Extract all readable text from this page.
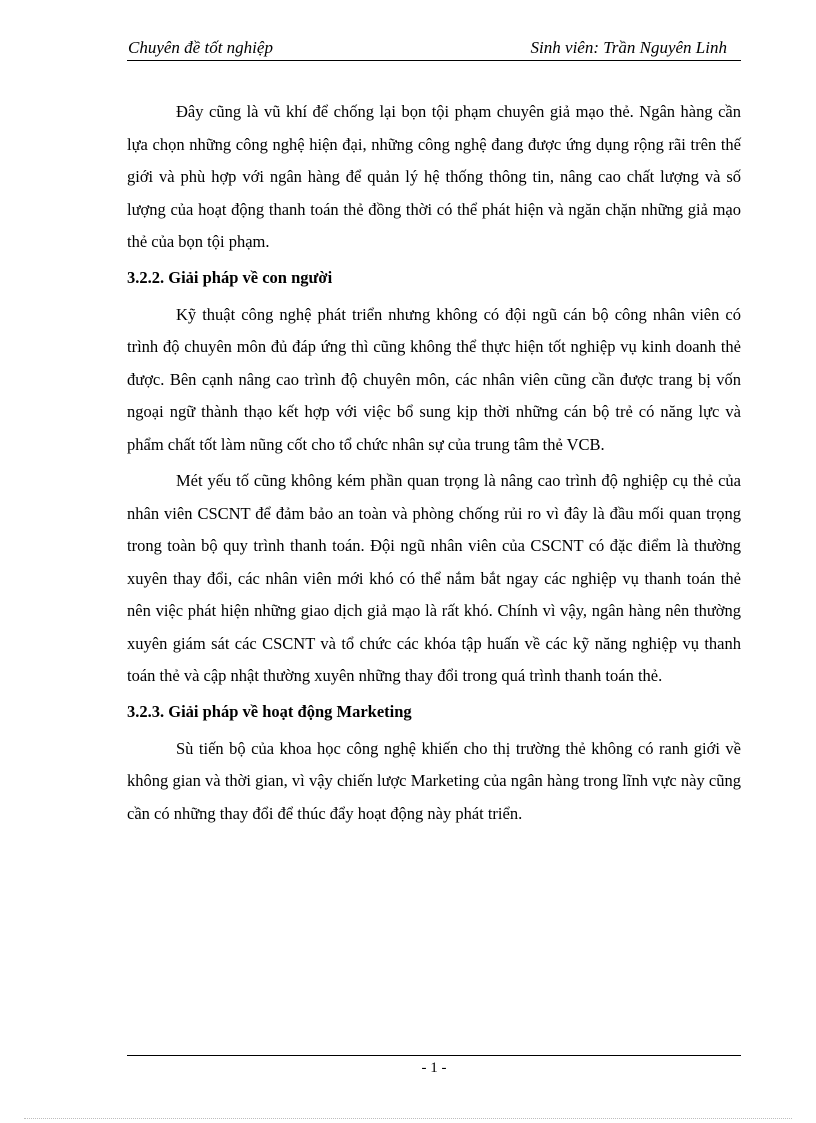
Chuyên đề tốt nghiệp	Sinh viên: Trần Nguyên Linh

Đây cũng là vũ khí để chống lại bọn tội phạm chuyên giả mạo thẻ. Ngân hàng cần lựa chọn những công nghệ hiện đại, những công nghệ đang được ứng dụng rộng rãi trên thế giới và phù hợp với ngân hàng để quản lý hệ thống thông tin, nâng cao chất lượng và số lượng của hoạt động thanh toán thẻ đồng thời có thể phát hiện và ngăn chặn những giả mạo thẻ của bọn tội phạm.

3.2.2. Giải pháp về con người

Kỹ thuật công nghệ phát triển nhưng không có đội ngũ cán bộ công nhân viên có trình độ chuyên môn đủ đáp ứng thì cũng không thể thực hiện tốt nghiệp vụ kinh doanh thẻ được. Bên cạnh nâng cao trình độ chuyên môn, các nhân viên cũng cần được trang bị vốn ngoại ngữ thành thạo kết hợp với việc bổ sung kịp thời những cán bộ trẻ có năng lực và phẩm chất tốt làm nũng cốt cho tổ chức nhân sự của trung tâm thẻ VCB.

Mét yếu tố cũng không kém phần quan trọng là nâng cao trình độ nghiệp cụ thẻ của nhân viên CSCNT để đảm bảo an toàn và phòng chống rủi ro vì đây là đầu mối quan trọng trong toàn bộ quy trình thanh toán. Đội ngũ nhân viên của CSCNT có đặc điểm là thường xuyên thay đổi, các nhân viên mới khó có thể nắm bắt ngay các nghiệp vụ thanh toán thẻ nên việc phát hiện những giao dịch giả mạo là rất khó. Chính vì vậy, ngân hàng nên thường xuyên giám sát các CSCNT và tổ chức các khóa tập huấn về các kỹ năng nghiệp vụ thanh toán thẻ và cập nhật thường xuyên những thay đổi trong quá trình thanh toán thẻ.

3.2.3. Giải pháp về hoạt động Marketing

Sù tiến bộ của khoa học công nghệ khiến cho thị trường thẻ không có ranh giới về không gian và thời gian, vì vậy chiến lược Marketing của ngân hàng trong lĩnh vực này cũng cần có những thay đổi để thúc đẩy hoạt động này phát triển.

- 1 -
